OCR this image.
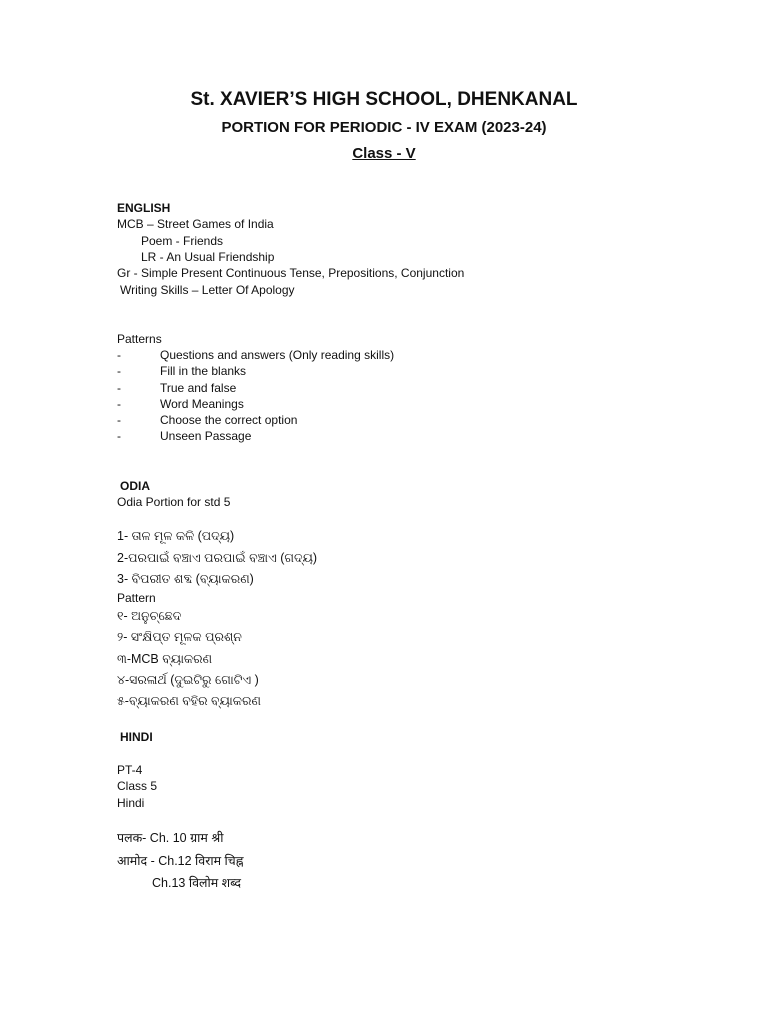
St. XAVIER’S HIGH SCHOOL, DHENKANAL
PORTION FOR PERIODIC - IV EXAM (2023-24)
Class - V
ENGLISH
MCB – Street Games of India
Poem - Friends
LR - An Usual Friendship
Gr - Simple Present Continuous Tense, Prepositions, Conjunction
Writing Skills – Letter Of Apology
Patterns
-	Questions and answers (Only reading skills)
-	Fill in the blanks
-	True and false
-	Word Meanings
-	Choose the correct option
-	Unseen Passage
ODIA
Odia Portion for std 5
1- ତାଳ ମୂଳ କଳି (ପଦ୍ୟ)
2-ପରପାଇଁ ବଞ୍ଚାଏ ପରପାଇଁ ବଞ୍ଚାଏ (ଗଦ୍ୟ)
3- ବିପରୀତ ଶବ୍ଦ (ବ୍ୟାକରଣ)
Pattern
୧- ଅନୁଚ୍ଛେଦ
୨- ସଂକ୍ଷିପ୍ତ ମୂଳକ ପ୍ରଶ୍ନ
୩-MCB ବ୍ୟାକରଣ
୪-ସରଳାର୍ଥ (ଦୁଇଟିରୁ ଗୋଟିଏ )
୫-ବ୍ୟାକରଣ ବହିର ବ୍ୟାକରଣ
HINDI
PT-4
Class 5
Hindi
पलक- Ch. 10 ग्राम श्री
आमोद - Ch.12 विराम चिह्न
Ch.13 विलोम शब्द
